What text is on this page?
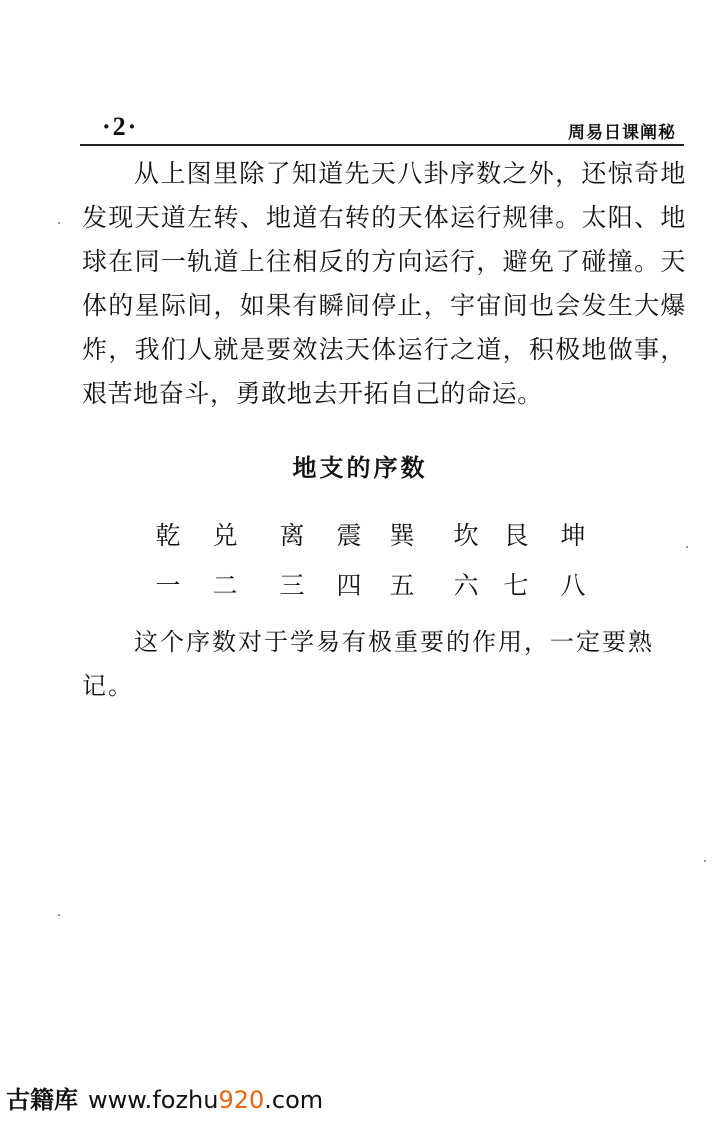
·2·	周易日课阐秘

从上图里除了知道先天八卦序数之外，还惊奇地发现天道左转、地道右转的天体运行规律。太阳、地球在同一轨道上往相反的方向运行，避免了碰撞。天体的星际间，如果有瞬间停止，宇宙间也会发生大爆炸，我们人就是要效法天体运行之道，积极地做事，艰苦地奋斗，勇敢地去开拓自己的命运。

地支的序数
乾	兑	离	震	巽	坎 艮	坤
一	二	三	四	五	六 七	八

这个序数对于学易有极重要的作用，一定要熟记。

古籍库 www.fozhu920.com
